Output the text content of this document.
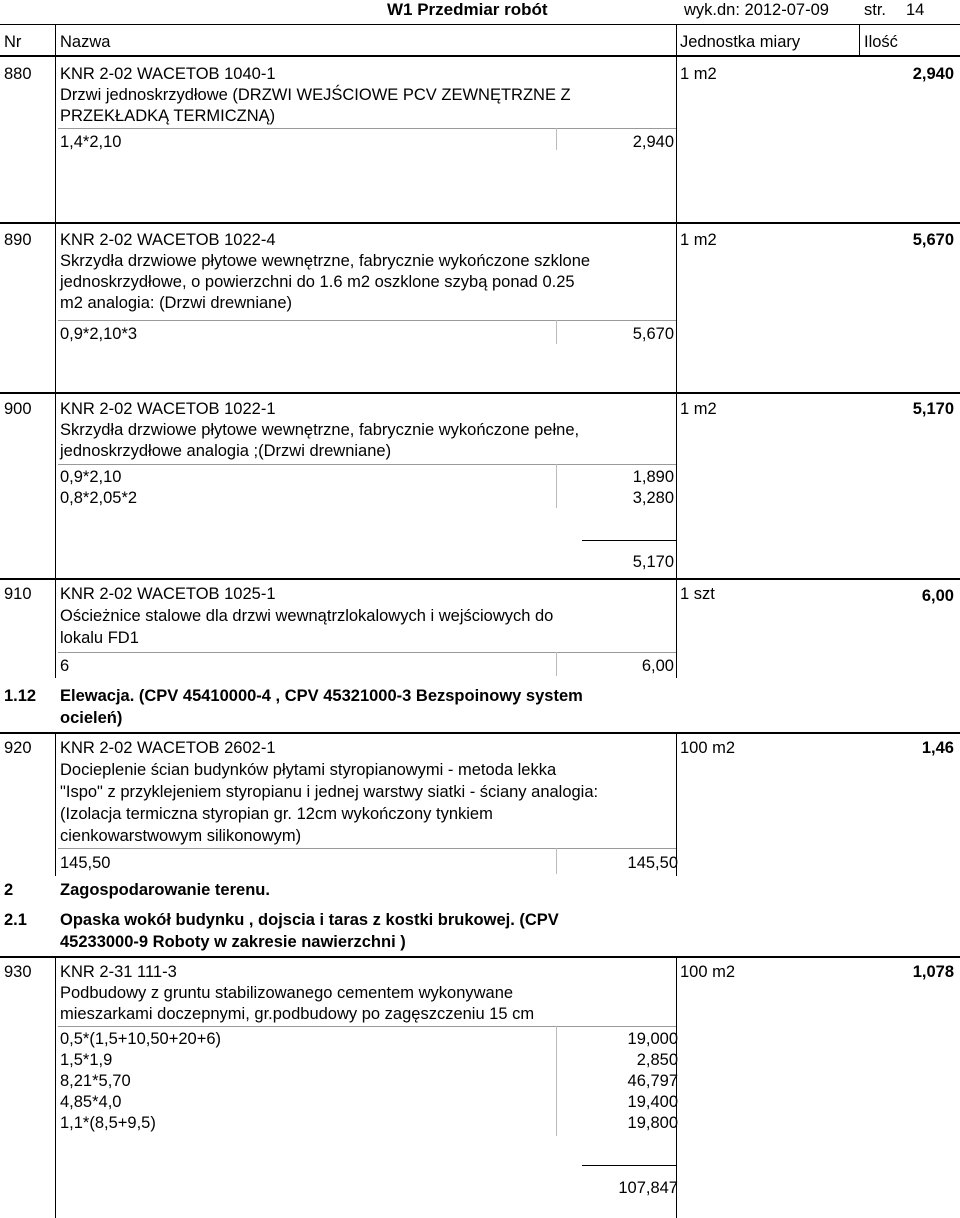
W1 Przedmiar robót	wyk.dn: 2012-07-09 str. 14
Nr Nazwa	Jednostka miary	Ilość
880 KNR 2-02 WACETOB 1040-1
Drzwi jednoskrzydłowe (DRZWI WEJŚCIOWE PCV ZEWNĘTRZNE Z
PRZEKŁADKĄ TERMICZNĄ)
1 m2	2,940
1,4*2,10	2,940
890 KNR 2-02 WACETOB 1022-4
Skrzydła drzwiowe płytowe wewnętrzne, fabrycznie wykończone szklone
jednoskrzydłowe, o powierzchni do 1.6 m2 oszklone szybą ponad 0.25
m2 analogia: (Drzwi drewniane)
1 m2	5,670
0,9*2,10*3	5,670
900 KNR 2-02 WACETOB 1022-1
Skrzydła drzwiowe płytowe wewnętrzne, fabrycznie wykończone pełne,
jednoskrzydłowe analogia ;(Drzwi drewniane)
1 m2	5,170
0,9*2,10	1,890
0,8*2,05*2	3,280
5,170
910 KNR 2-02 WACETOB 1025-1
Ościeżnice stalowe dla drzwi wewnątrzlokalowych i wejściowych do
lokalu FD1
1 szt	6,00
6	6,00
1.12 Elewacja. (CPV 45410000-4 , CPV 45321000-3 Bezspoinowy system
ocieleń)
920 KNR 2-02 WACETOB 2602-1
Docieplenie ścian budynków płytami styropianowymi - metoda lekka
"Ispo" z przyklejeniem styropianu i jednej warstwy siatki - ściany analogia:
(Izolacja termiczna styropian gr. 12cm wykończony tynkiem
cienkowarstwowym silikonowym)
100 m2	1,46
145,50	145,50
2	Zagospodarowanie terenu.
2.1 Opaska wokół budynku , dojscia i taras z kostki brukowej. (CPV
45233000-9 Roboty w zakresie nawierzchni )
930 KNR 2-31 111-3
Podbudowy z gruntu stabilizowanego cementem wykonywane
mieszarkami doczepnymi, gr.podbudowy po zagęszczeniu 15 cm
100 m2	1,078
0,5*(1,5+10,50+20+6)	19,000
1,5*1,9	2,850
8,21*5,70	46,797
4,85*4,0	19,400
1,1*(8,5+9,5)	19,800
107,847
